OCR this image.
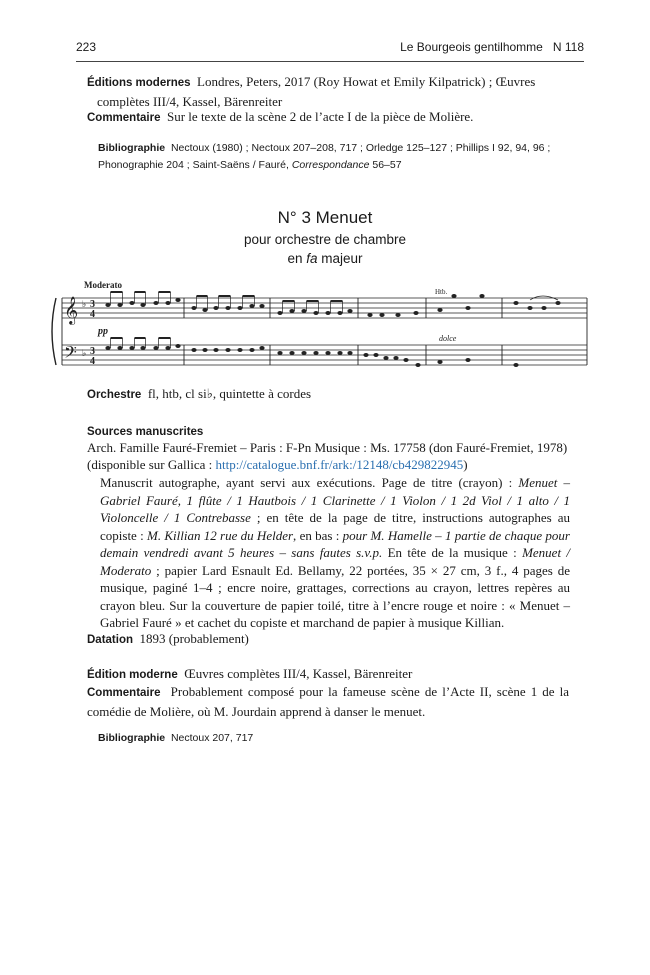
223	Le Bourgeois gentilhomme N 118
Éditions modernes Londres, Peters, 2017 (Roy Howat et Emily Kilpatrick) ; Œuvres complètes III/4, Kassel, Bärenreiter
Commentaire Sur le texte de la scène 2 de l’acte I de la pièce de Molière.
Bibliographie Nectoux (1980) ; Nectoux 207–208, 717 ; Orledge 125–127 ; Phillips I 92, 94, 96 ; Phonographie 204 ; Saint-Saëns / Fauré, Correspondance 56–57
N° 3 Menuet
pour orchestre de chambre
en fa majeur
𝄞
𝄢
♭
♭
3
4
3
4
Moderato
pp
Htb.
dolce
Orchestre fl, htb, cl si♭, quintette à cordes
Sources manuscrites
Arch. Famille Fauré-Fremiet – Paris : F-Pn Musique : Ms. 17758 (don Fauré-Fremiet, 1978)
(disponible sur Gallica : http://catalogue.bnf.fr/ark:/12148/cb429822945)
Manuscrit autographe, ayant servi aux exécutions. Page de titre (crayon) : Menuet – Gabriel Fauré, 1 flûte / 1 Hautbois / 1 Clarinette / 1 Violon / 1 2d Viol / 1 alto / 1 Violoncelle / 1 Contrebasse ; en tête de la page de titre, instructions autographes au copiste : M. Killian 12 rue du Helder, en bas : pour M. Hamelle – 1 partie de chaque pour demain vendredi avant 5 heures – sans fautes s.v.p. En tête de la musique : Menuet / Moderato ; papier Lard Esnault Ed. Bellamy, 22 portées, 35 × 27 cm, 3 f., 4 pages de musique, paginé 1–4 ; encre noire, grattages, corrections au crayon, lettres repères au crayon bleu. Sur la couverture de papier toilé, titre à l’encre rouge et noire : « Menuet – Gabriel Fauré » et cachet du copiste et marchand de papier à musique Killian.
Datation 1893 (probablement)
Édition moderne Œuvres complètes III/4, Kassel, Bärenreiter
Commentaire Probablement composé pour la fameuse scène de l’Acte II, scène 1 de la comédie de Molière, où M. Jourdain apprend à danser le menuet.
Bibliographie Nectoux 207, 717
